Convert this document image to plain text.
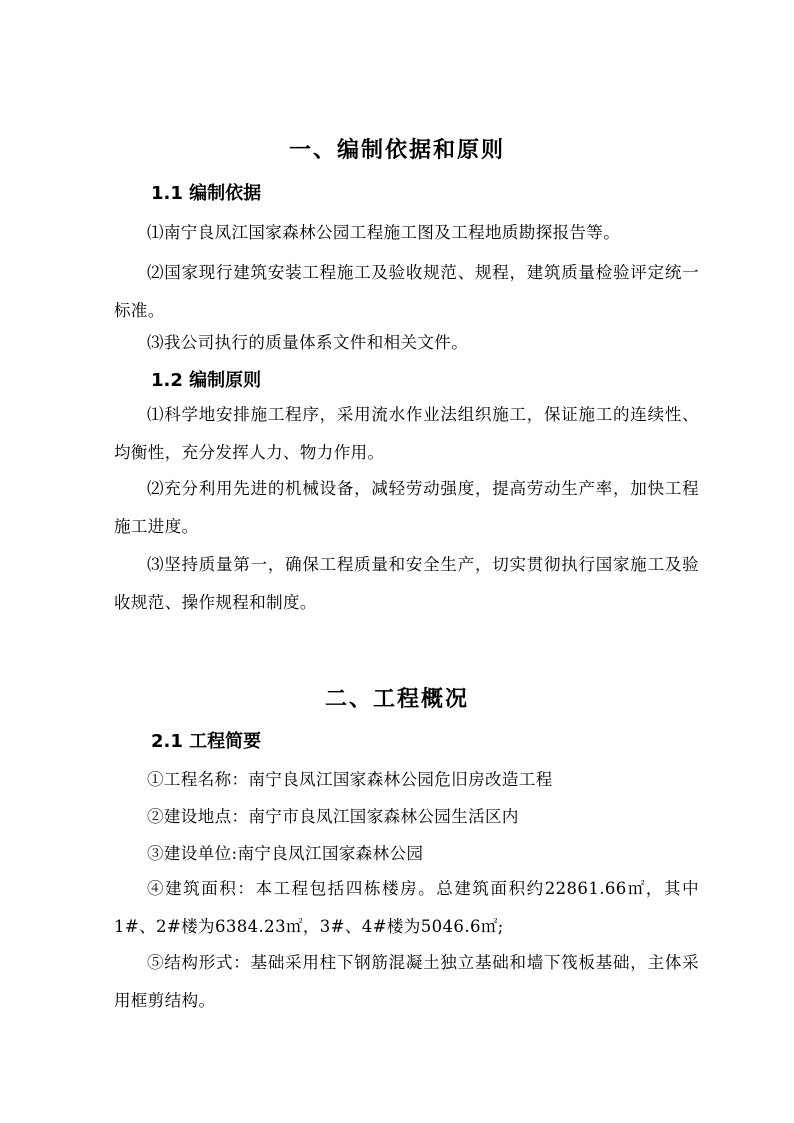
一、编制依据和原则
1.1 编制依据
⑴南宁良凤江国家森林公园工程施工图及工程地质勘探报告等。
⑵国家现行建筑安装工程施工及验收规范、规程，建筑质量检验评定统一标准。
⑶我公司执行的质量体系文件和相关文件。
1.2 编制原则
⑴科学地安排施工程序，采用流水作业法组织施工，保证施工的连续性、均衡性，充分发挥人力、物力作用。
⑵充分利用先进的机械设备，减轻劳动强度，提高劳动生产率，加快工程施工进度。
⑶坚持质量第一，确保工程质量和安全生产，切实贯彻执行国家施工及验收规范、操作规程和制度。
二、工程概况
2.1 工程简要
①工程名称：南宁良凤江国家森林公园危旧房改造工程
②建设地点：南宁市良凤江国家森林公园生活区内
③建设单位:南宁良凤江国家森林公园
④建筑面积：本工程包括四栋楼房。总建筑面积约22861.66㎡，其中1#、2#楼为6384.23㎡，3#、4#楼为5046.6㎡;
⑤结构形式：基础采用柱下钢筋混凝土独立基础和墙下筏板基础，主体采用框剪结构。
